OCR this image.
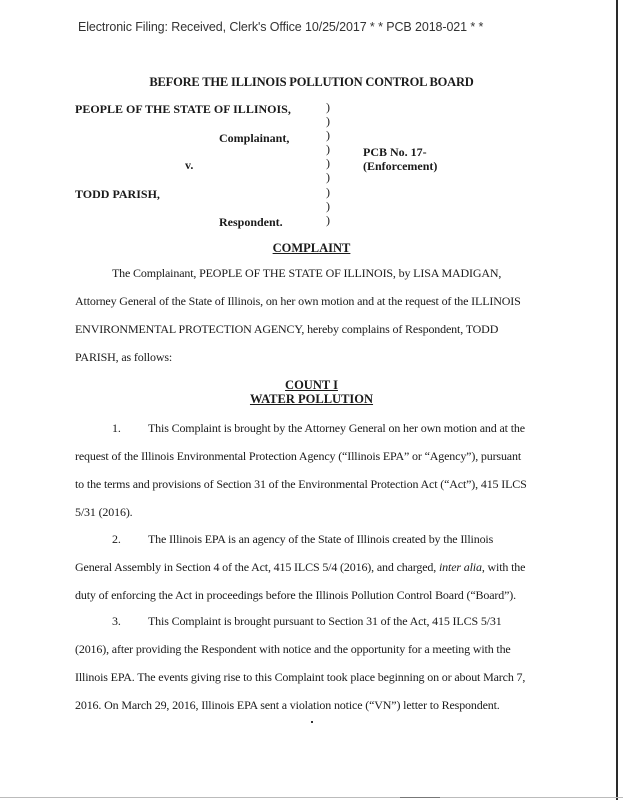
Electronic Filing: Received, Clerk's Office 10/25/2017 * * PCB 2018-021 * *
BEFORE THE ILLINOIS POLLUTION CONTROL BOARD
PEOPLE OF THE STATE OF ILLINOIS,
Complainant,
v.
TODD PARISH,
Respondent.
)
)
)
)
)
)
)
)
)
PCB No. 17-
(Enforcement)
COMPLAINT
The Complainant, PEOPLE OF THE STATE OF ILLINOIS, by LISA MADIGAN,
Attorney General of the State of Illinois, on her own motion and at the request of the ILLINOIS
ENVIRONMENTAL PROTECTION AGENCY, hereby complains of Respondent, TODD
PARISH, as follows:
COUNT I
WATER POLLUTION
1. This Complaint is brought by the Attorney General on her own motion and at the
request of the Illinois Environmental Protection Agency (“Illinois EPA” or “Agency”), pursuant
to the terms and provisions of Section 31 of the Environmental Protection Act (“Act”), 415 ILCS
5/31 (2016).
2. The Illinois EPA is an agency of the State of Illinois created by the Illinois
General Assembly in Section 4 of the Act, 415 ILCS 5/4 (2016), and charged, inter alia, with the
duty of enforcing the Act in proceedings before the Illinois Pollution Control Board (“Board”).
3. This Complaint is brought pursuant to Section 31 of the Act, 415 ILCS 5/31
(2016), after providing the Respondent with notice and the opportunity for a meeting with the
Illinois EPA. The events giving rise to this Complaint took place beginning on or about March 7,
2016. On March 29, 2016, Illinois EPA sent a violation notice (“VN”) letter to Respondent.
